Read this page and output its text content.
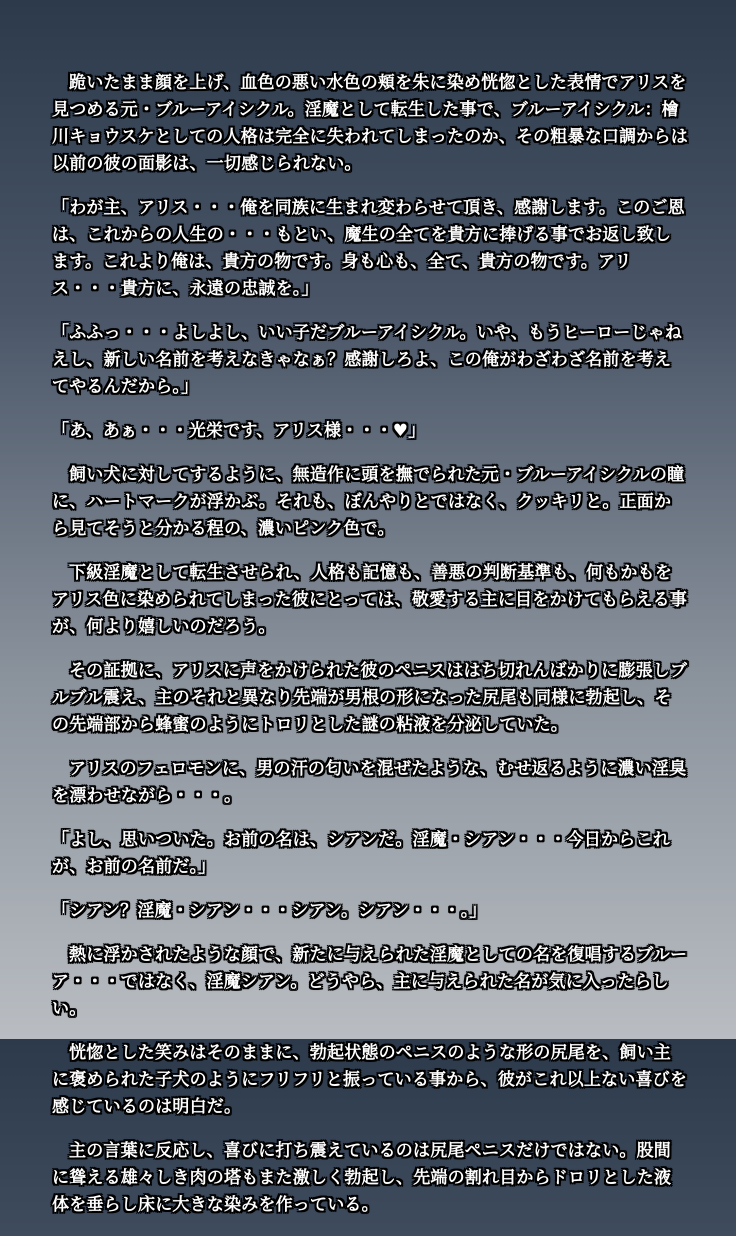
跪いたまま顔を上げ、血色の悪い水色の頬を朱に染め恍惚とした表情でアリスを見つめる元・ブルーアイシクル。淫魔として転生した事で、ブルーアイシクル：檜川キョウスケとしての人格は完全に失われてしまったのか、その粗暴な口調からは以前の彼の面影は、一切感じられない。

「わが主、アリス・・・俺を同族に生まれ変わらせて頂き、感謝します。このご恩は、これからの人生の・・・もとい、魔生の全てを貴方に捧げる事でお返し致します。これより俺は、貴方の物です。身も心も、全て、貴方の物です。アリス・・・貴方に、永遠の忠誠を。」

「ふふっ・・・よしよし、いい子だブルーアイシクル。いや、もうヒーローじゃねえし、新しい名前を考えなきゃなぁ？感謝しろよ、この俺がわざわざ名前を考えてやるんだから。」

「あ、あぁ・・・光栄です、アリス様・・・♥」

飼い犬に対してするように、無造作に頭を撫でられた元・ブルーアイシクルの瞳に、ハートマークが浮かぶ。それも、ぼんやりとではなく、クッキリと。正面から見てそうと分かる程の、濃いピンク色で。

下級淫魔として転生させられ、人格も記憶も、善悪の判断基準も、何もかもをアリス色に染められてしまった彼にとっては、敬愛する主に目をかけてもらえる事が、何より嬉しいのだろう。

その証拠に、アリスに声をかけられた彼のペニスははち切れんばかりに膨張しブルブル震え、主のそれと異なり先端が男根の形になった尻尾も同様に勃起し、その先端部から蜂蜜のようにトロリとした謎の粘液を分泌していた。

アリスのフェロモンに、男の汗の匂いを混ぜたような、むせ返るように濃い淫臭を漂わせながら・・・。

「よし、思いついた。お前の名は、シアンだ。淫魔・シアン・・・今日からこれが、お前の名前だ。」

「シアン？淫魔・シアン・・・シアン。シアン・・・。」

熱に浮かされたような顔で、新たに与えられた淫魔としての名を復唱するブルーア・・・ではなく、淫魔シアン。どうやら、主に与えられた名が気に入ったらしい。

恍惚とした笑みはそのままに、勃起状態のペニスのような形の尻尾を、飼い主に褒められた子犬のようにフリフリと振っている事から、彼がこれ以上ない喜びを感じているのは明白だ。

主の言葉に反応し、喜びに打ち震えているのは尻尾ペニスだけではない。股間に聳える雄々しき肉の塔もまた激しく勃起し、先端の割れ目からドロリとした液体を垂らし床に大きな染みを作っている。
